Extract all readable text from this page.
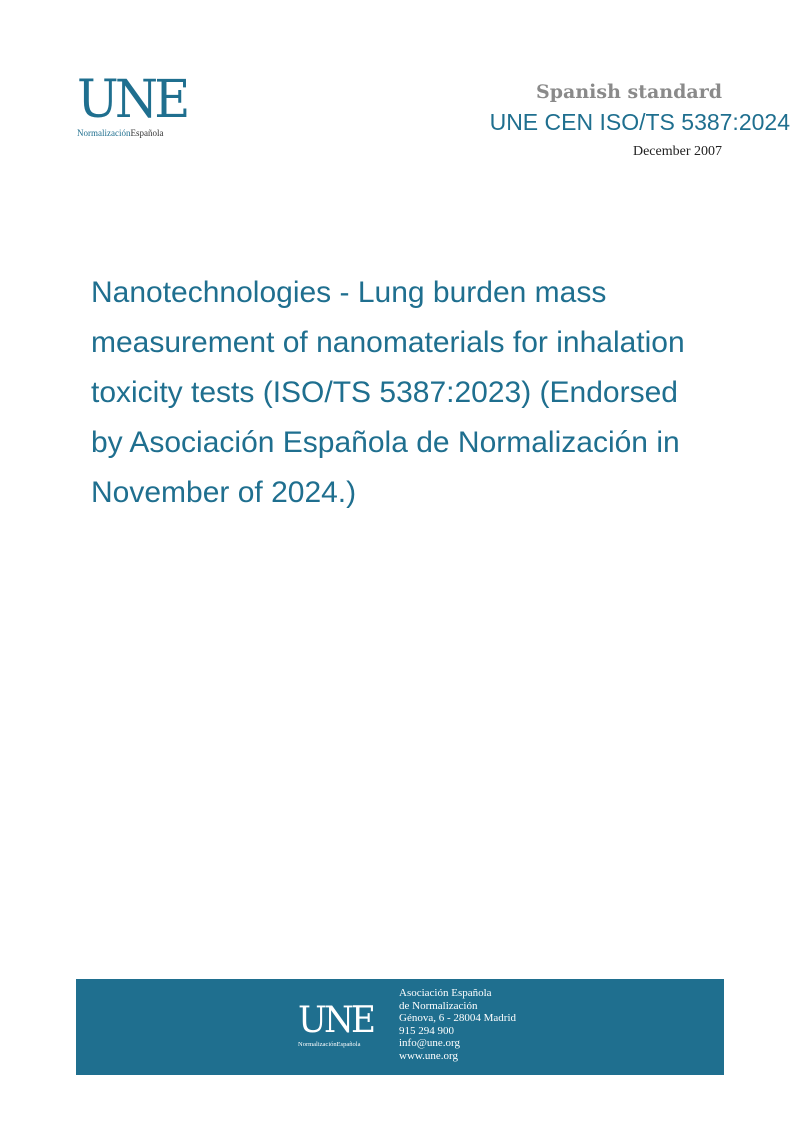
UNE
NormalizaciónEspañola
Spanish standard
UNE CEN ISO/TS 5387:2024
December 2007
Nanotechnologies - Lung burden mass measurement of nanomaterials for inhalation toxicity tests (ISO/TS 5387:2023) (Endorsed by Asociación Española de Normalización in November of 2024.)
UNE
NormalizaciónEspañola
Asociación Española
de Normalización
Génova, 6 - 28004 Madrid
915 294 900
info@une.org
www.une.org
